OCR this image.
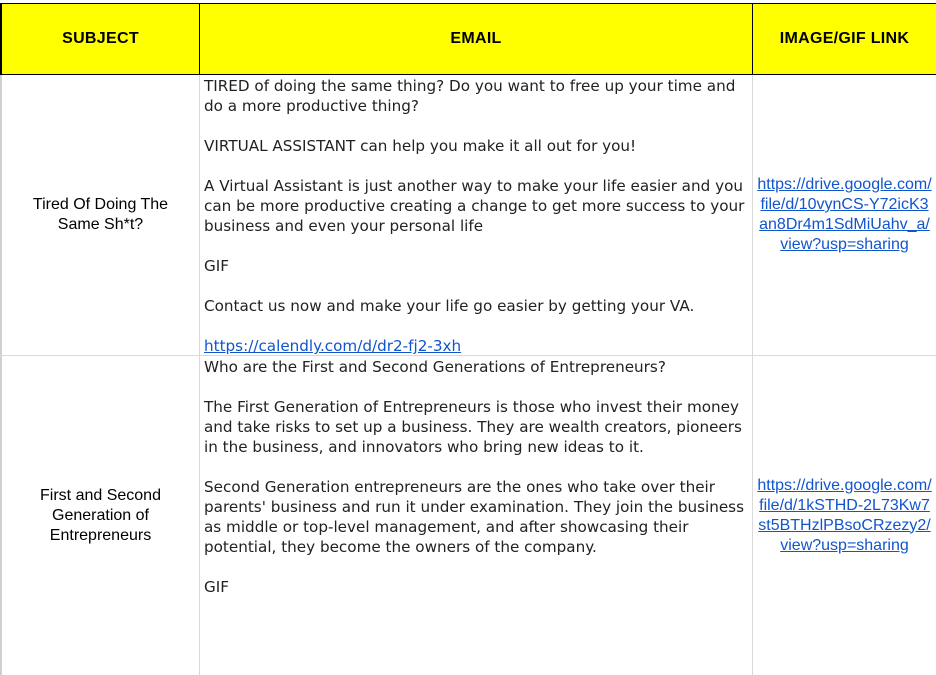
SUBJECT	EMAIL	IMAGE/GIF LINK
Tired Of Doing The Same Sh*t?

TIRED of doing the same thing? Do you want to free up your time and do a more productive thing?

VIRTUAL ASSISTANT can help you make it all out for you!

A Virtual Assistant is just another way to make your life easier and you can be more productive creating a change to get more success to your business and even your personal life

GIF

Contact us now and make your life go easier by getting your VA.

https://calendly.com/d/dr2-fj2-3xh

https://drive.google.com/file/d/10vynCS-Y72icK3an8Dr4m1SdMiUahv_a/view?usp=sharing
First and Second Generation of Entrepreneurs

Who are the First and Second Generations of Entrepreneurs?

The First Generation of Entrepreneurs is those who invest their money and take risks to set up a business. They are wealth creators, pioneers in the business, and innovators who bring new ideas to it.

Second Generation entrepreneurs are the ones who take over their parents' business and run it under examination. They join the business as middle or top-level management, and after showcasing their potential, they become the owners of the company.

GIF

https://drive.google.com/file/d/1kSTHD-2L73Kw7st5BTHzlPBsoCRzezy2/view?usp=sharing
